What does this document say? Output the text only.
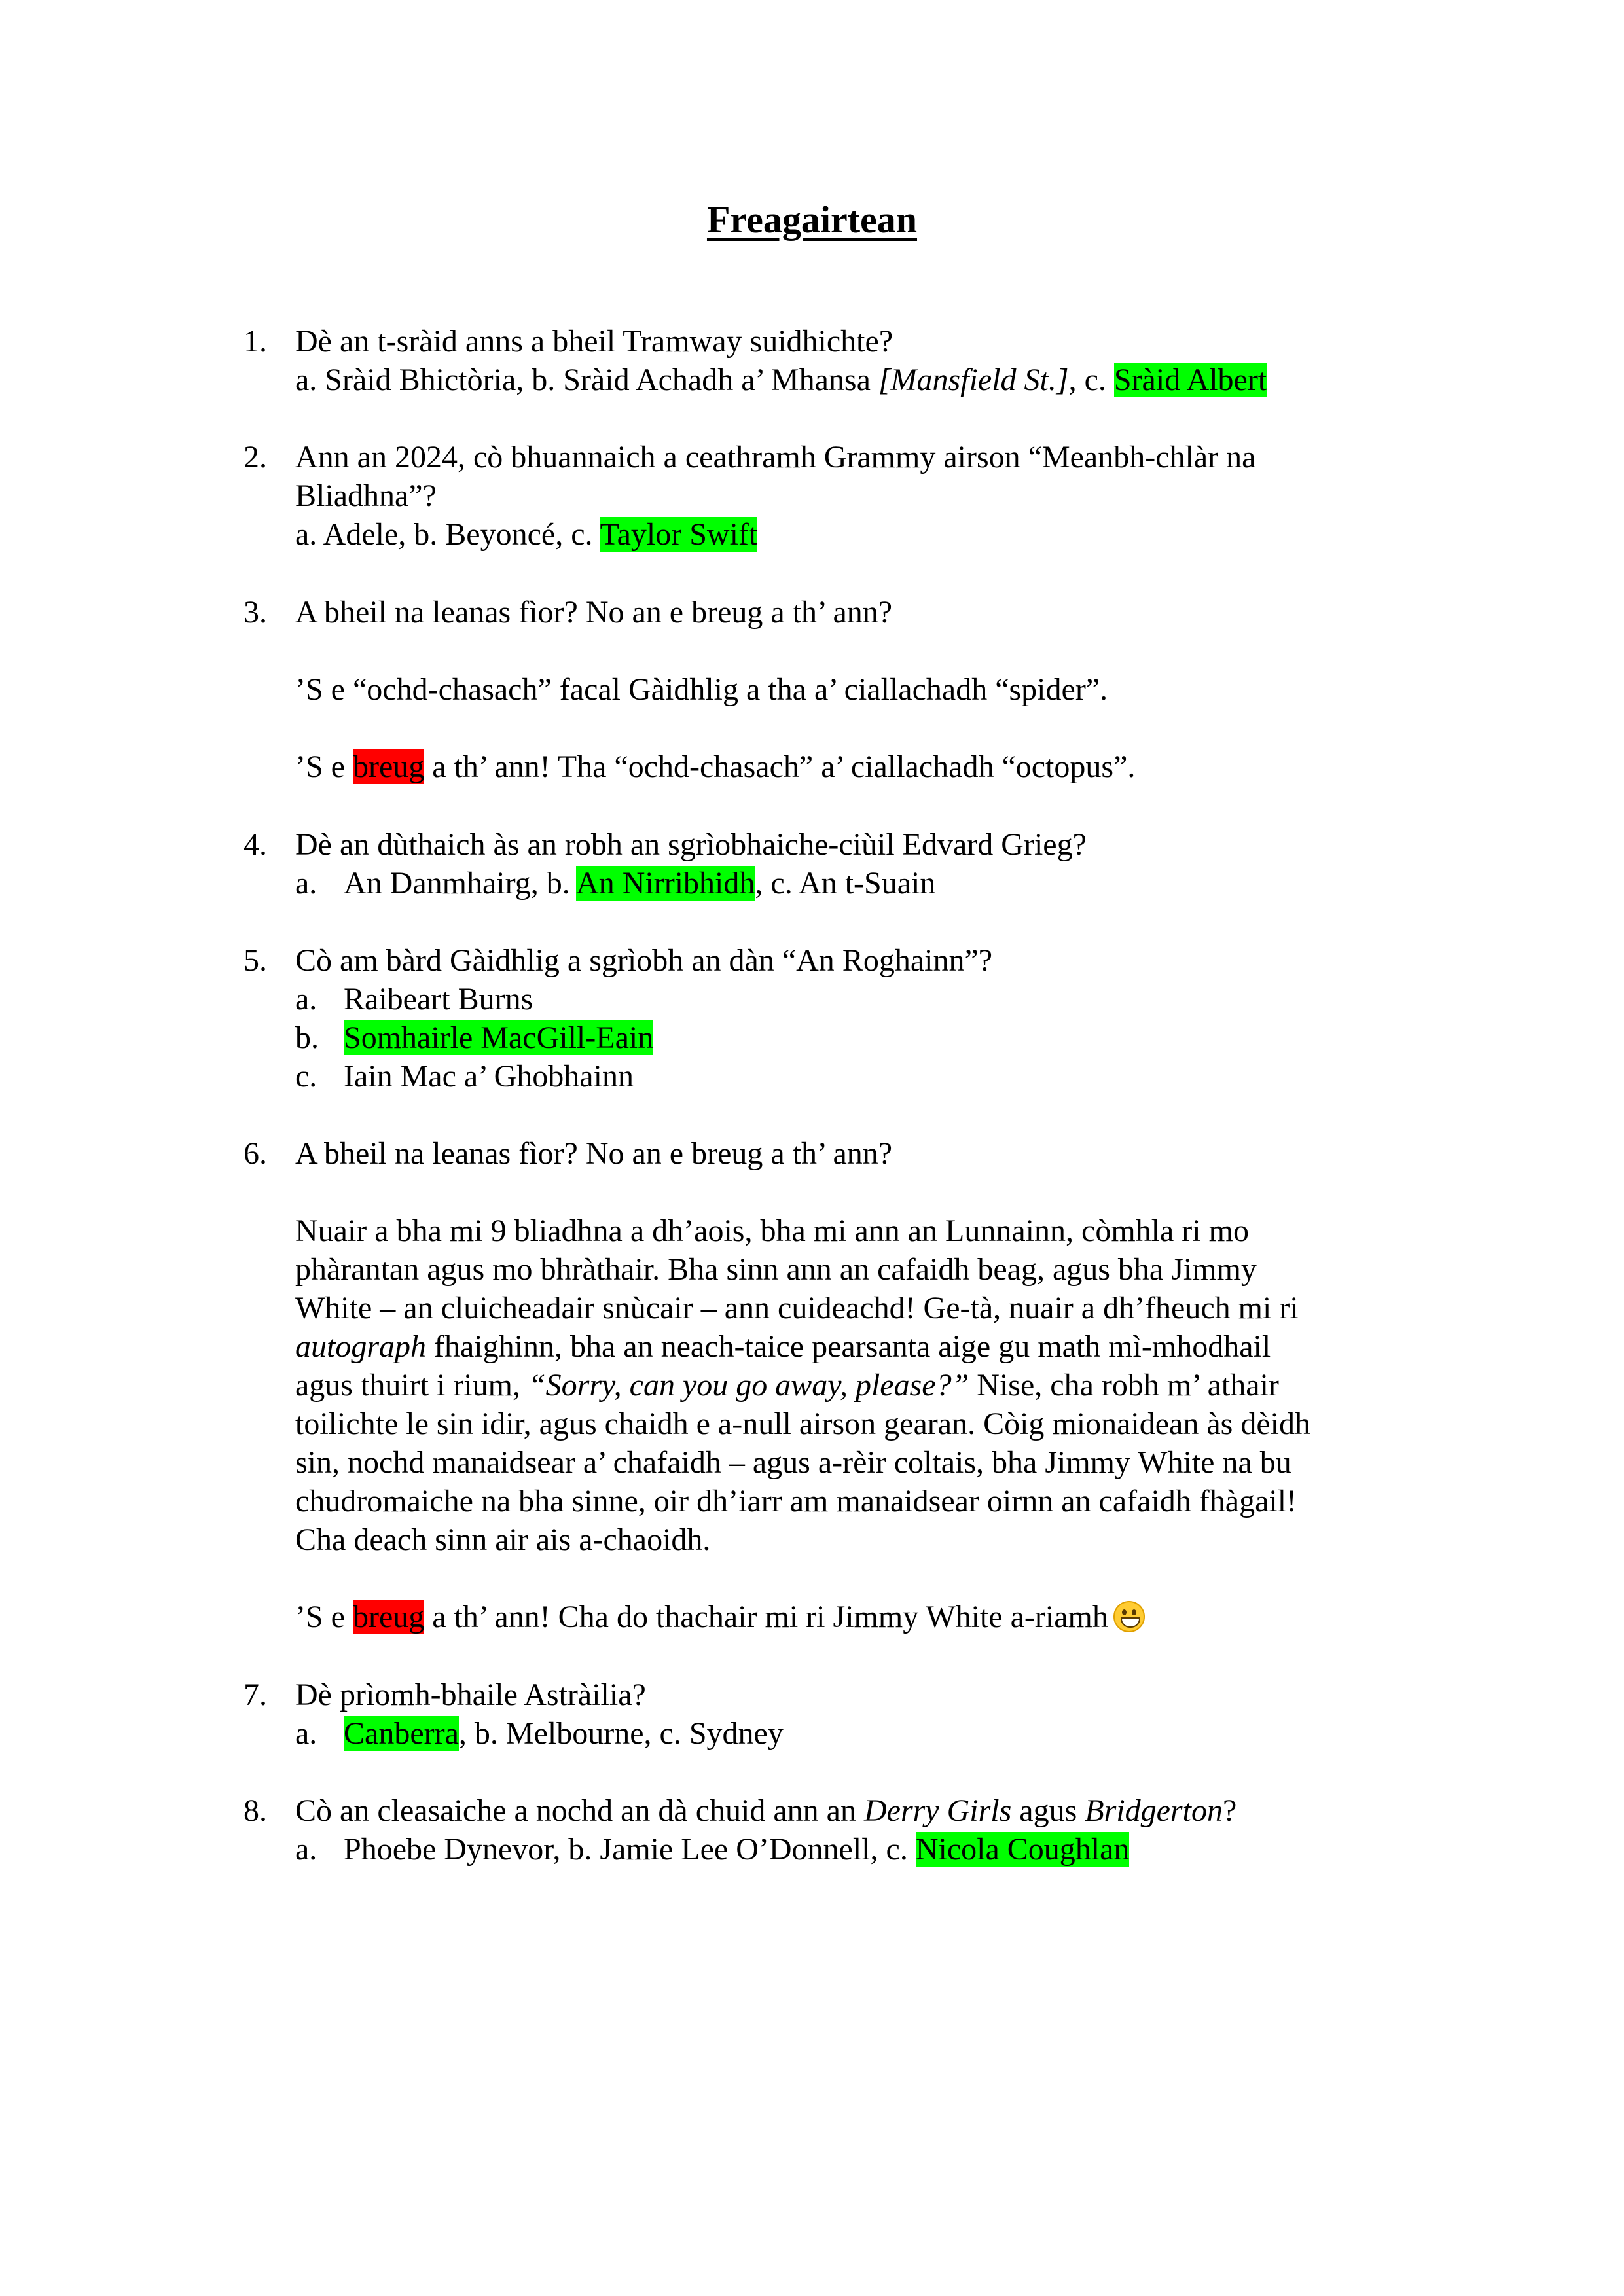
Freagairtean
1. Dè an t-sràid anns a bheil Tramway suidhichte?
a. Sràid Bhictòria, b. Sràid Achadh a’ Mhansa [Mansfield St.], c. Sràid Albert
2. Ann an 2024, cò bhuannaich a ceathramh Grammy airson “Meanbh-chlàr na
Bliadhna”?
a. Adele, b. Beyoncé, c. Taylor Swift
3. A bheil na leanas fìor? No an e breug a th’ ann?
’S e “ochd-chasach” facal Gàidhlig a tha a’ ciallachadh “spider”.
’S e breug a th’ ann! Tha “ochd-chasach” a’ ciallachadh “octopus”.
4. Dè an dùthaich às an robh an sgrìobhaiche-ciùil Edvard Grieg?
a. An Danmhairg, b. An Nirribhidh, c. An t-Suain
5. Cò am bàrd Gàidhlig a sgrìobh an dàn “An Roghainn”?
a. Raibeart Burns
b. Somhairle MacGill-Eain
c. Iain Mac a’ Ghobhainn
6. A bheil na leanas fìor? No an e breug a th’ ann?
Nuair a bha mi 9 bliadhna a dh’aois, bha mi ann an Lunnainn, còmhla ri mo
phàrantan agus mo bhràthair. Bha sinn ann an cafaidh beag, agus bha Jimmy
White – an cluicheadair snùcair – ann cuideachd! Ge-tà, nuair a dh’fheuch mi ri
autograph fhaighinn, bha an neach-taice pearsanta aige gu math mì-mhodhail
agus thuirt i rium, “Sorry, can you go away, please?” Nise, cha robh m’ athair
toilichte le sin idir, agus chaidh e a-null airson gearan. Còig mionaidean às dèidh
sin, nochd manaidsear a’ chafaidh – agus a-rèir coltais, bha Jimmy White na bu
chudromaiche na bha sinne, oir dh’iarr am manaidsear oirnn an cafaidh fhàgail!
Cha deach sinn air ais a-chaoidh.
’S e breug a th’ ann! Cha do thachair mi ri Jimmy White a-riamh
7. Dè prìomh-bhaile Astràilia?
a. Canberra, b. Melbourne, c. Sydney
8. Cò an cleasaiche a nochd an dà chuid ann an Derry Girls agus Bridgerton?
a. Phoebe Dynevor, b. Jamie Lee O’Donnell, c. Nicola Coughlan
